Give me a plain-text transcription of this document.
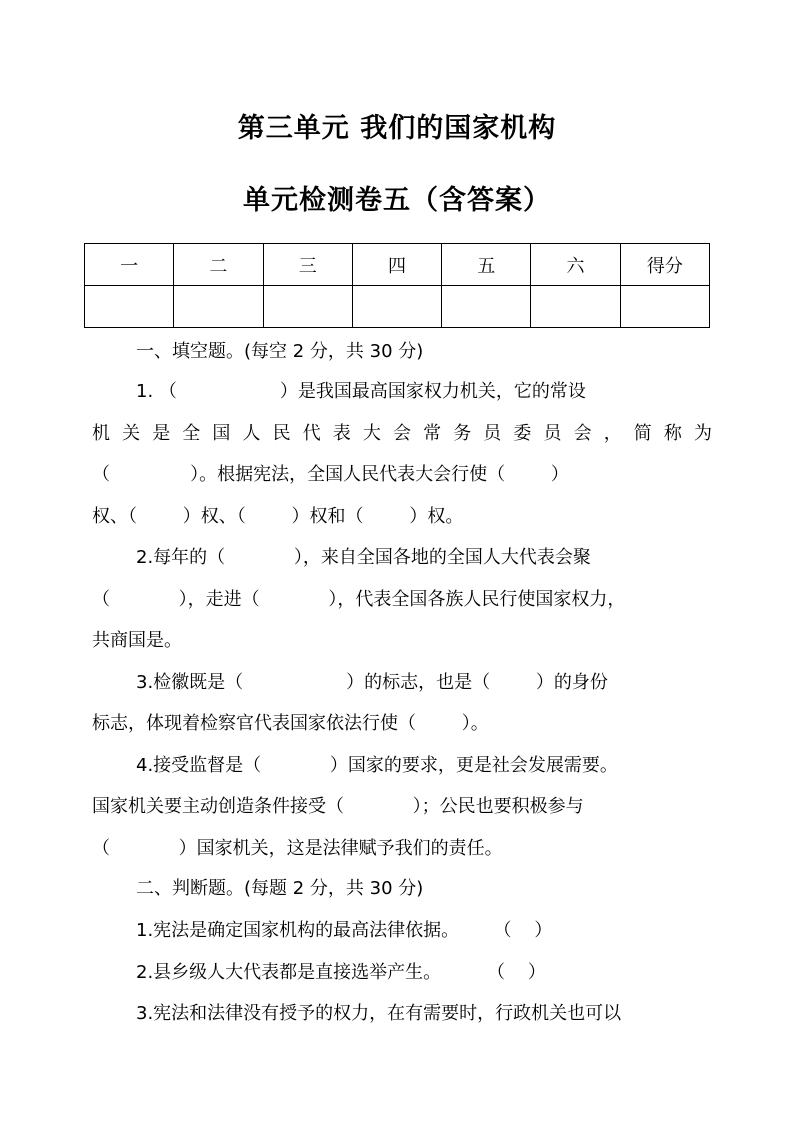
第三单元 我们的国家机构
单元检测卷五（含答案）
一	二	三	四	五	六	得分

一、填空题。(每空 2 分，共 30 分)
1. （                  ）是我国最高国家权力机关，它的常设
机关是全国人民代表大会常务员委员会，简称为
（              ）。根据宪法，全国人民代表大会行使（        ）
权、（        ）权、（        ）权和（        ）权。
2.每年的（            ），来自全国各地的全国人大代表会聚
（            ），走进（            ），代表全国各族人民行使国家权力，
共商国是。
3.检徽既是（                  ）的标志，也是（        ）的身份
标志，体现着检察官代表国家依法行使（        ）。
4.接受监督是（            ）国家的要求，更是社会发展需要。
国家机关要主动创造条件接受（            ）；公民也要积极参与
（            ）国家机关，这是法律赋予我们的责任。
二、判断题。(每题 2 分，共 30 分)
1.宪法是确定国家机构的最高法律依据。      （    ）
2.县乡级人大代表都是直接选举产生。        （    ）
3.宪法和法律没有授予的权力，在有需要时，行政机关也可以
